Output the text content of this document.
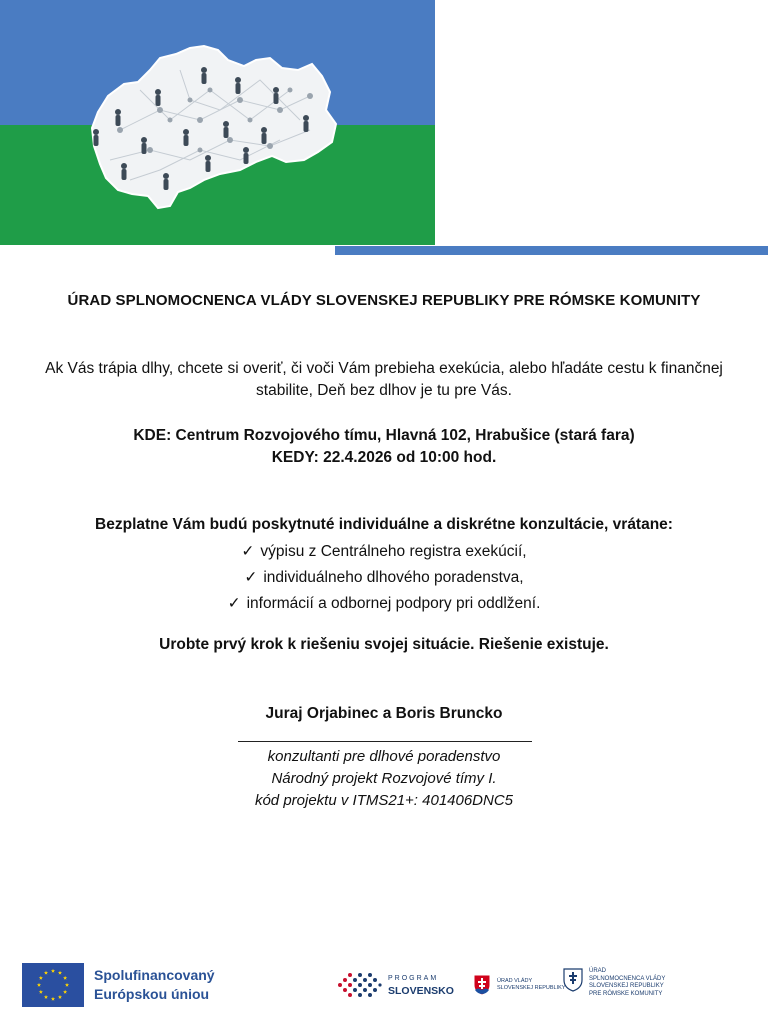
ÚRAD SPLNOMOCNENCA VLÁDY SLOVENSKEJ REPUBLIKY PRE RÓMSKE KOMUNITY
Ak Vás trápia dlhy, chcete si overiť, či voči Vám prebieha exekúcia, alebo hľadáte cestu k finančnej
stabilite, Deň bez dlhov je tu pre Vás.
KDE: Centrum Rozvojového tímu, Hlavná 102, Hrabušice (stará fara)
KEDY: 22.4.2026 od 10:00 hod.
Bezplatne Vám budú poskytnuté individuálne a diskrétne konzultácie, vrátane:
✓ výpisu z Centrálneho registra exekúcií,
✓ individuálneho dlhového poradenstva,
✓ informácií a odbornej podpory pri oddlžení.
Urobte prvý krok k riešeniu svojej situácie. Riešenie existuje.
Juraj Orjabinec a Boris Bruncko
konzultanti pre dlhové poradenstvo
Národný projekt Rozvojové tímy I.
kód projektu v ITMS21+: 401406DNC5
Spolufinancovaný
Európskou úniou
PROGRAM
SLOVENSKO
ÚRAD VLÁDY
SLOVENSKEJ REPUBLIKY
ÚRAD
SPLNOMOCNENCA VLÁDY
SLOVENSKEJ REPUBLIKY
PRE RÓMSKE KOMUNITY
